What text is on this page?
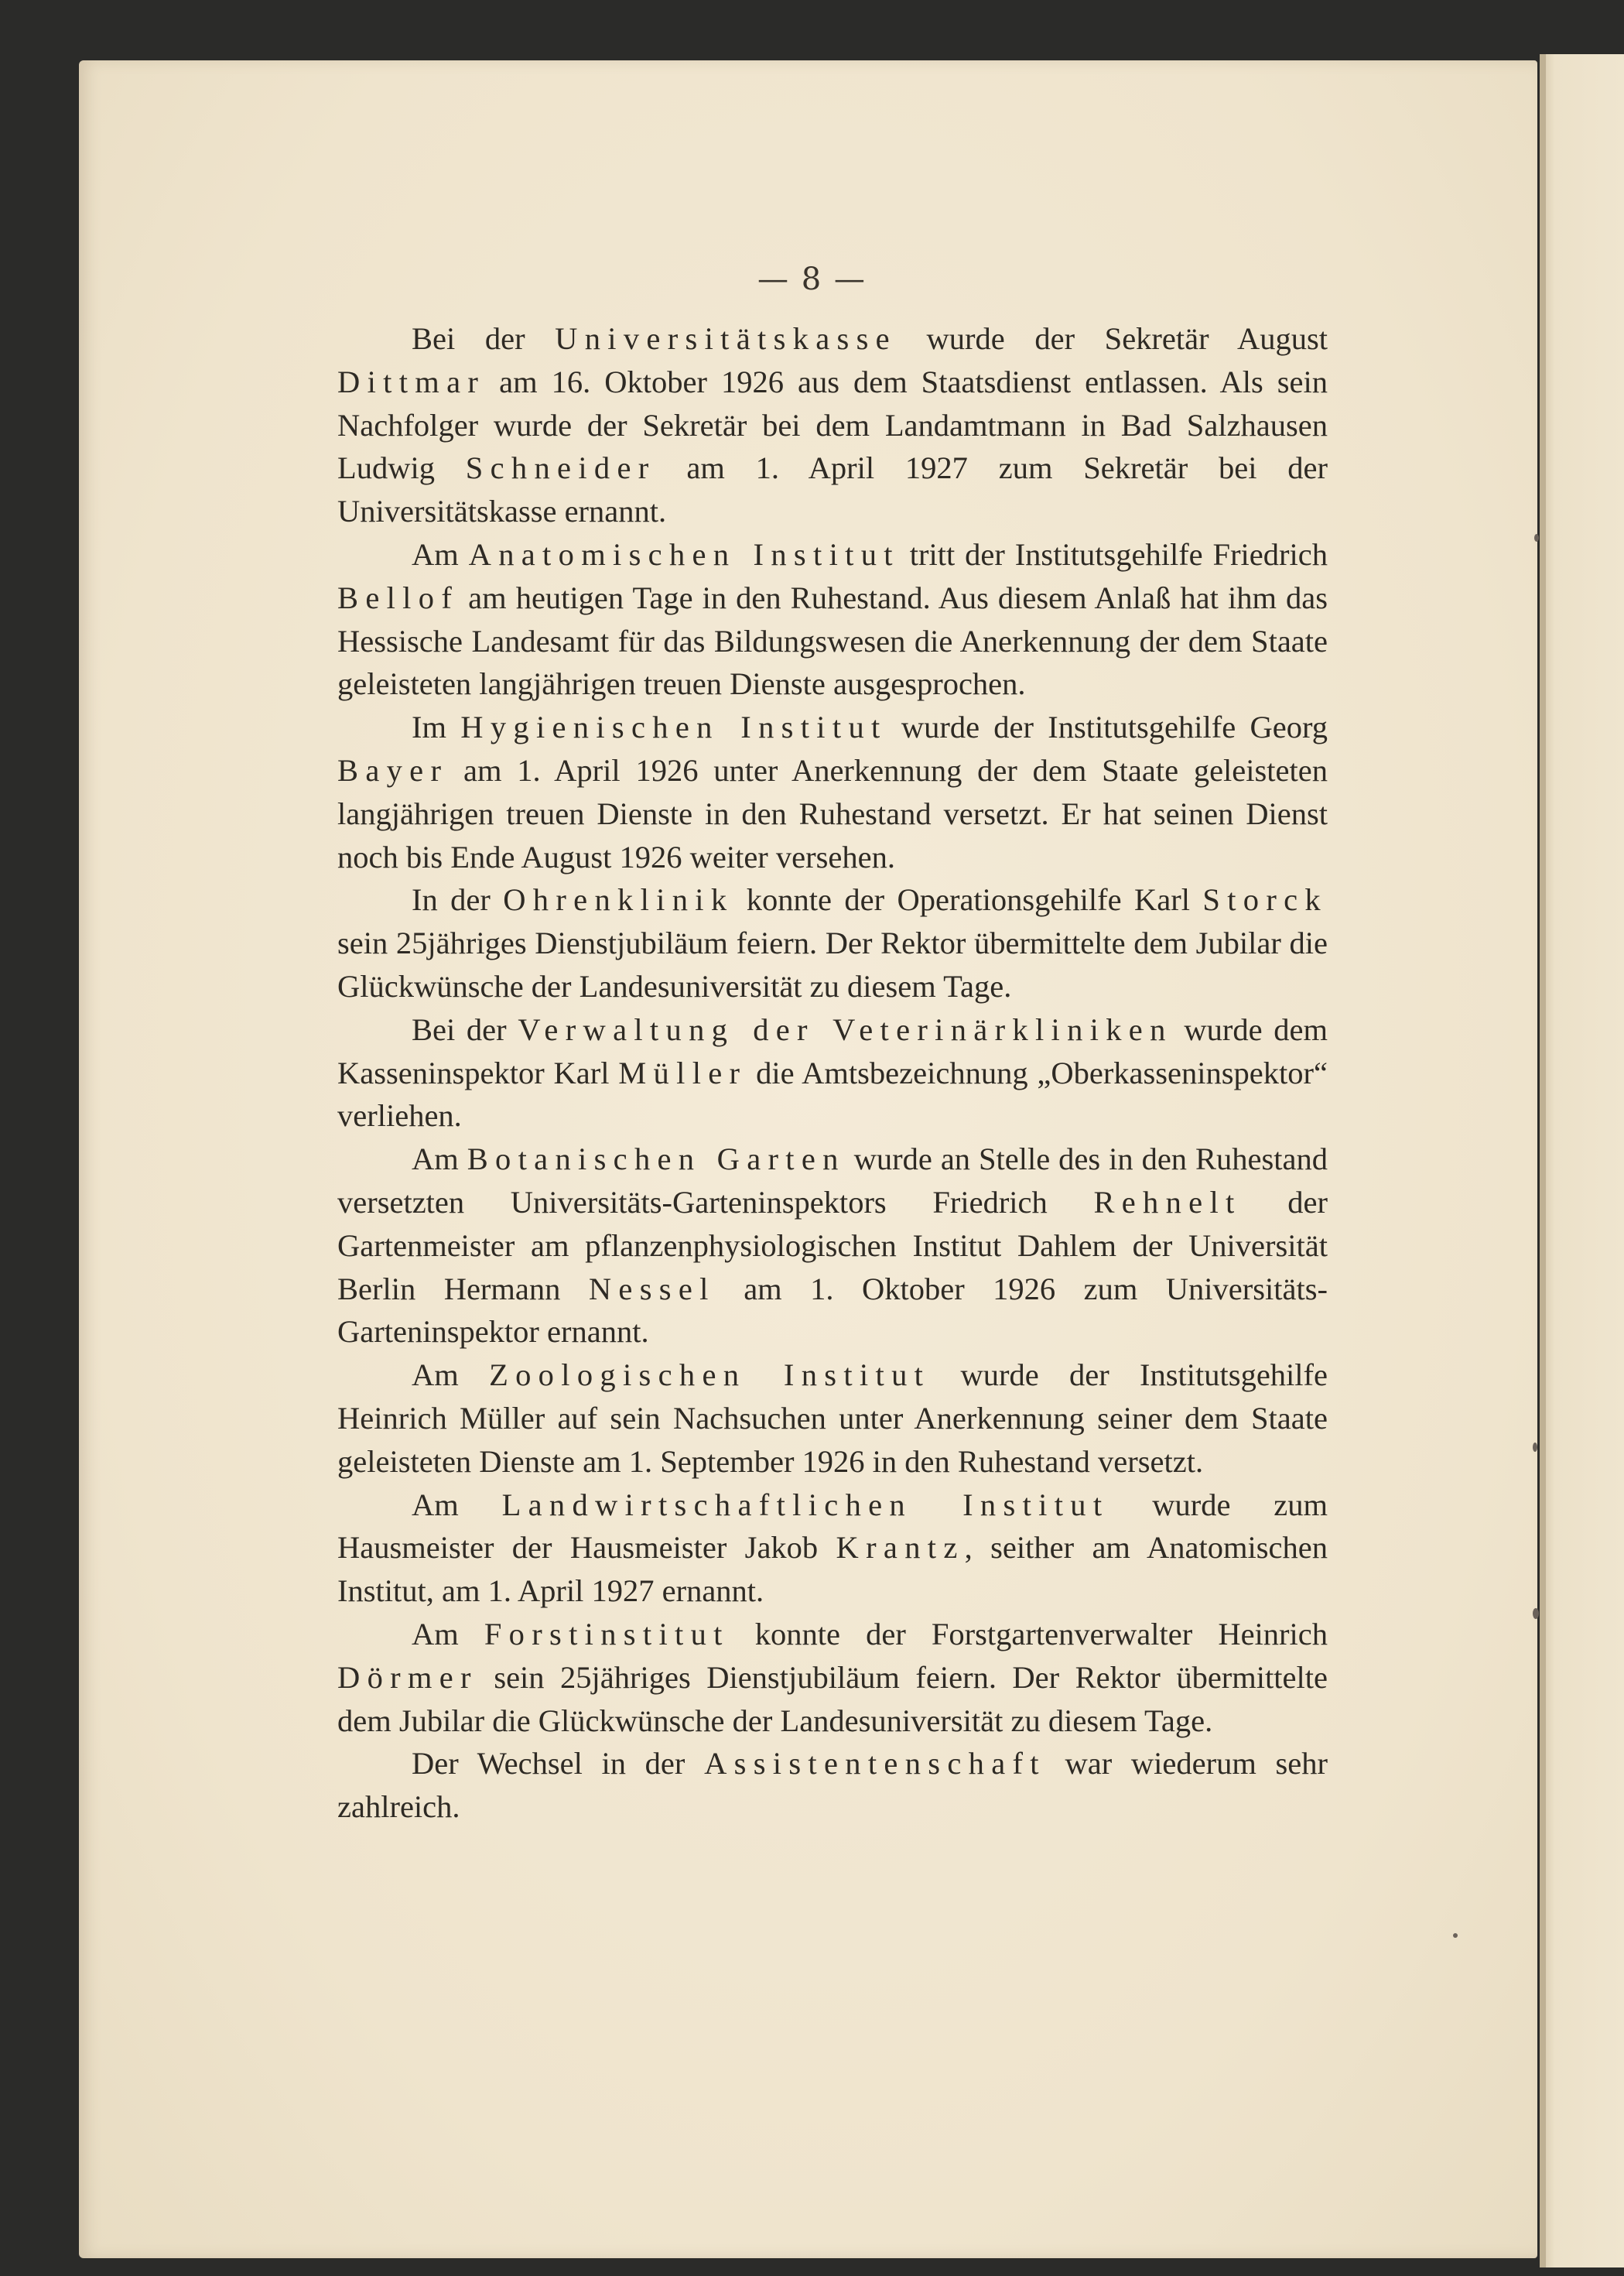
— 8 —

Bei der Universitätskasse wurde der Sekretär August Dittmar am 16. Oktober 1926 aus dem Staatsdienst entlassen. Als sein Nachfolger wurde der Sekretär bei dem Landamtmann in Bad Salzhausen Ludwig Schneider am 1. April 1927 zum Sekretär bei der Universitätskasse ernannt.

Am Anatomischen Institut tritt der Institutsgehilfe Friedrich Bellof am heutigen Tage in den Ruhestand. Aus diesem Anlaß hat ihm das Hessische Landesamt für das Bildungswesen die Anerkennung der dem Staate geleisteten langjährigen treuen Dienste ausgesprochen.

Im Hygienischen Institut wurde der Institutsgehilfe Georg Bayer am 1. April 1926 unter Anerkennung der dem Staate geleisteten langjährigen treuen Dienste in den Ruhestand versetzt. Er hat seinen Dienst noch bis Ende August 1926 weiter versehen.

In der Ohrenklinik konnte der Operationsgehilfe Karl Storck sein 25jähriges Dienstjubiläum feiern. Der Rektor übermittelte dem Jubilar die Glückwünsche der Landesuniversität zu diesem Tage.

Bei der Verwaltung der Veterinärkliniken wurde dem Kasseninspektor Karl Müller die Amtsbezeichnung „Oberkasseninspektor“ verliehen.

Am Botanischen Garten wurde an Stelle des in den Ruhestand versetzten Universitäts-Garteninspektors Friedrich Rehnelt der Gartenmeister am pflanzenphysiologischen Institut Dahlem der Universität Berlin Hermann Nessel am 1. Oktober 1926 zum Universitäts-Garteninspektor ernannt.

Am Zoologischen Institut wurde der Institutsgehilfe Heinrich Müller auf sein Nachsuchen unter Anerkennung seiner dem Staate geleisteten Dienste am 1. September 1926 in den Ruhestand versetzt.

Am Landwirtschaftlichen Institut wurde zum Hausmeister der Hausmeister Jakob Krantz, seither am Anatomischen Institut, am 1. April 1927 ernannt.

Am Forstinstitut konnte der Forstgartenverwalter Heinrich Dörmer sein 25jähriges Dienstjubiläum feiern. Der Rektor übermittelte dem Jubilar die Glückwünsche der Landesuniversität zu diesem Tage.

Der Wechsel in der Assistentenschaft war wiederum sehr zahlreich.
